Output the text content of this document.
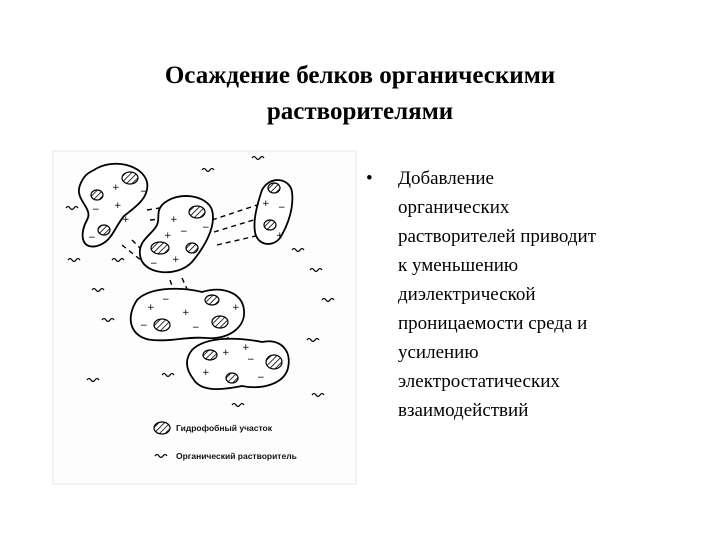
Осаждение белков органическими
растворителями
+
− +
−
+
−
+
−
− +
−
+
+ −
+
+
−
+
−
+
−
+
−
+	−
+
Гидрофобный участок
Органический растворитель
• Добавление
органических
растворителей приводит
к уменьшению
диэлектрической
проницаемости среда и
усилению
электростатических
взаимодействий
